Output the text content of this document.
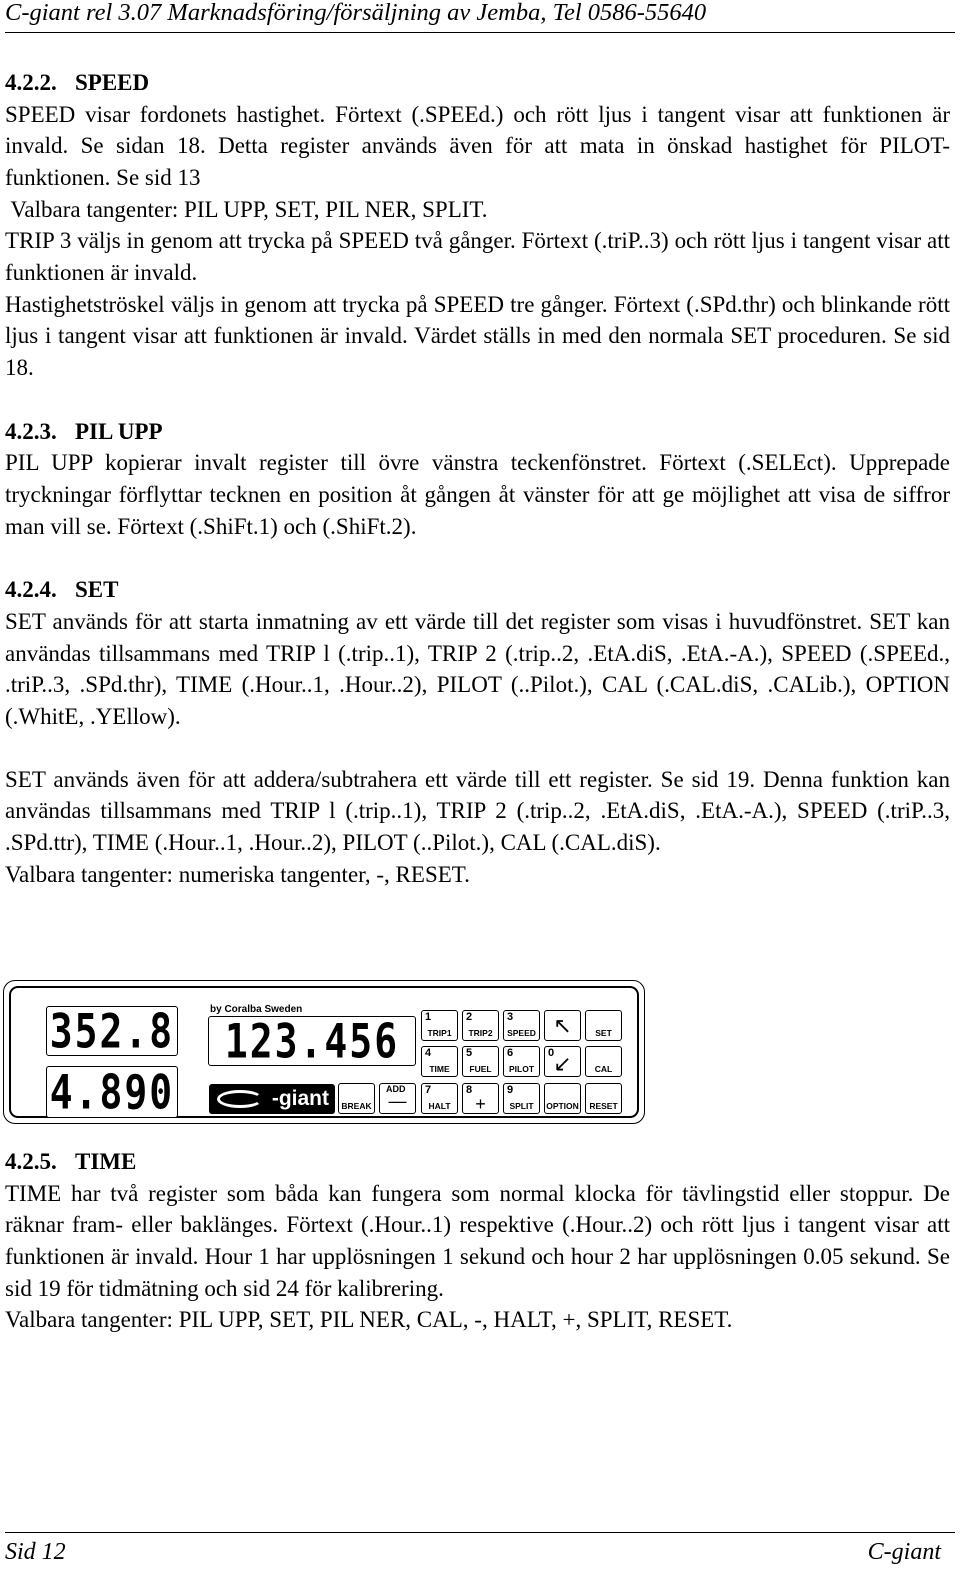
C-giant rel 3.07 Marknadsföring/försäljning av Jemba, Tel 0586-55640
4.2.2. SPEED

SPEED visar fordonets hastighet. Förtext (.SPEEd.) och rött ljus i tangent visar att funktionen är invald. Se sidan 18. Detta register används även för att mata in önskad hastighet för PILOT-funktionen. Se sid 13

Valbara tangenter: PIL UPP, SET, PIL NER, SPLIT.

TRIP 3 väljs in genom att trycka på SPEED två gånger. Förtext (.triP..3) och rött ljus i tangent visar att funktionen är invald.

Hastighetströskel väljs in genom att trycka på SPEED tre gånger. Förtext (.SPd.thr) och blinkande rött ljus i tangent visar att funktionen är invald. Värdet ställs in med den normala SET proceduren. Se sid 18.

4.2.3. PIL UPP

PIL UPP kopierar invalt register till övre vänstra teckenfönstret. Förtext (.SELEct). Upprepade tryckningar förflyttar tecknen en position åt gången åt vänster för att ge möjlighet att visa de siffror man vill se. Förtext (.ShiFt.1) och (.ShiFt.2).

4.2.4. SET

SET används för att starta inmatning av ett värde till det register som visas i huvudfönstret. SET kan användas tillsammans med TRIP l (.trip..1), TRIP 2 (.trip..2, .EtA.diS, .EtA.-A.), SPEED (.SPEEd., .triP..3, .SPd.thr), TIME (.Hour..1, .Hour..2), PILOT (..Pilot.), CAL (.CAL.diS, .CALib.), OPTION (.WhitE, .YEllow).

SET används även för att addera/subtrahera ett värde till ett register. Se sid 19. Denna funktion kan användas tillsammans med TRIP l (.trip..1), TRIP 2 (.trip..2, .EtA.diS, .EtA.-A.), SPEED (.triP..3, .SPd.ttr), TIME (.Hour..1, .Hour..2), PILOT (..Pilot.), CAL (.CAL.diS).

Valbara tangenter: numeriska tangenter, -, RESET.

352.8
4.890
by Coralba Sweden
123.456
-giant BREAK
ADD
—
1
TRIP1
2
TRIP2
3
SPEED ↖	SET
4
TIME
5
FUEL
6
PILOT
0 ↙	CAL
7
HALT
8
+
9
SPLIT	OPTION	RESET
4.2.5. TIME

TIME har två register som båda kan fungera som normal klocka för tävlingstid eller stoppur. De räknar fram- eller baklänges. Förtext (.Hour..1) respektive (.Hour..2) och rött ljus i tangent visar att funktionen är invald. Hour 1 har upplösningen 1 sekund och hour 2 har upplösningen 0.05 sekund. Se sid 19 för tidmätning och sid 24 för kalibrering.

Valbara tangenter: PIL UPP, SET, PIL NER, CAL, -, HALT, +, SPLIT, RESET.

Sid 12	C-giant
